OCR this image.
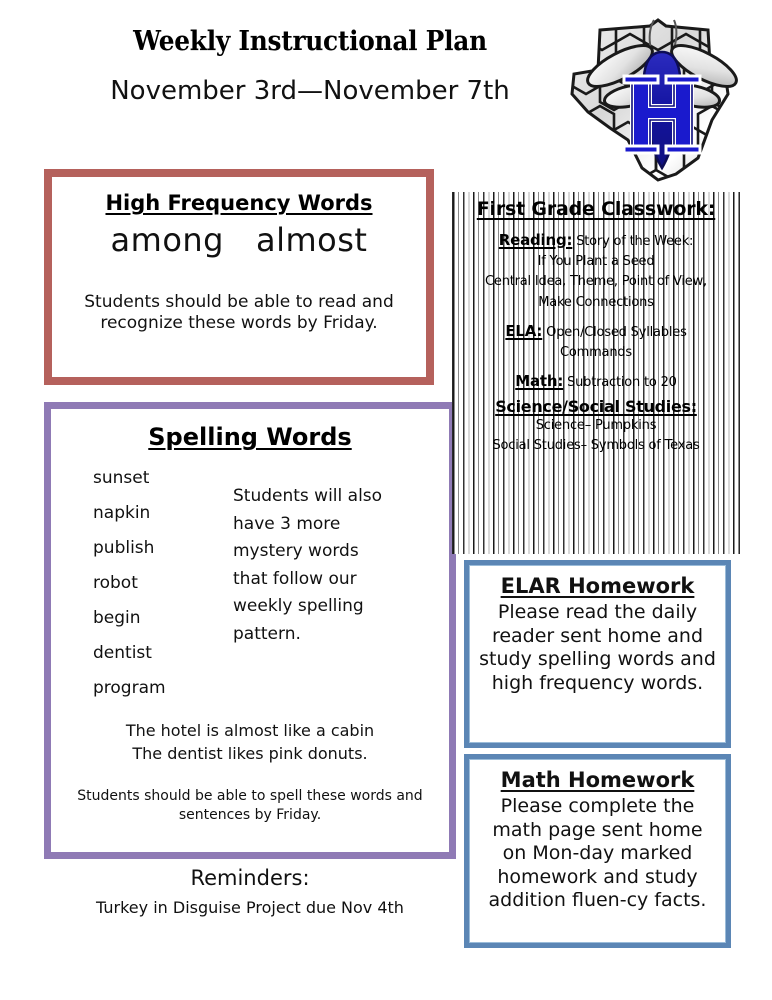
Weekly Instructional Plan
November 3rd—November 7th
High Frequency Words
among   almost
Students should be able to read and recognize these words by Friday.
Spelling Words
sunset
napkin
publish
robot
begin
dentist
program
Students will also have 3 more mystery words that follow our weekly spelling pattern.
The hotel is almost like a cabin
The dentist likes pink donuts.
Students should be able to spell these words and sentences by Friday.
First Grade Classwork:
Reading: Story of the Week:
If You Plant a Seed
Central Idea, Theme, Point of View,
Make Connections
ELA: Open/Closed Syllables
Commands
Math: Subtraction to 20
Science/Social Studies:
Science– Pumpkins
Social Studies– Symbols of Texas
ELAR Homework
Please read the daily reader sent home and study spelling words and high frequency words.
Math Homework
Please complete the math page sent home on Mon-day marked homework and study addition fluen-cy facts.
Reminders:
Turkey in Disguise Project due Nov 4th
